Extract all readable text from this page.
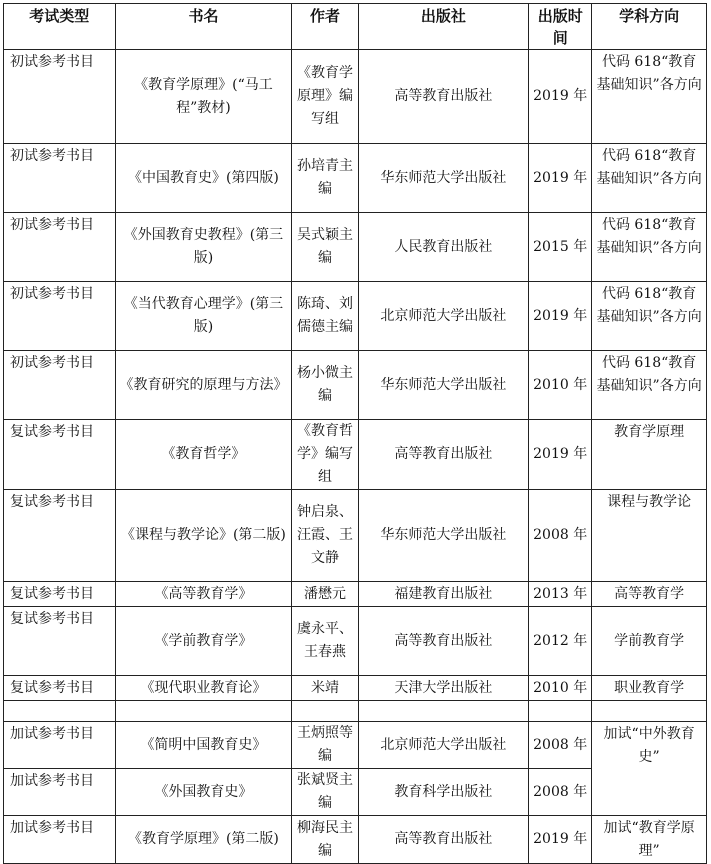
考试类型	书名	作者	出版社	出版时间	学科方向
初试参考书目	《教育学原理》(“马工程”教材)	《教育学原理》编写组	高等教育出版社	2019 年	代码 618“教育基础知识”各方向
初试参考书目	《中国教育史》(第四版)	孙培青主编	华东师范大学出版社	2019 年	代码 618“教育基础知识”各方向
初试参考书目	《外国教育史教程》(第三版)	吴式颖主编	人民教育出版社	2015 年	代码 618“教育基础知识”各方向
初试参考书目	《当代教育心理学》(第三版)	陈琦、刘儒德主编	北京师范大学出版社	2019 年	代码 618“教育基础知识”各方向
初试参考书目	《教育研究的原理与方法》	杨小微主编	华东师范大学出版社	2010 年	代码 618“教育基础知识”各方向
复试参考书目	《教育哲学》	《教育哲学》编写组	高等教育出版社	2019 年	教育学原理
复试参考书目	《课程与教学论》(第二版)	钟启泉、汪霞、王文静	华东师范大学出版社	2008 年	课程与教学论
复试参考书目	《高等教育学》	潘懋元	福建教育出版社	2013 年	高等教育学
复试参考书目	《学前教育学》	虞永平、王春燕	高等教育出版社	2012 年	学前教育学
复试参考书目	《现代职业教育论》	米靖	天津大学出版社	2010 年	职业教育学

加试参考书目	《简明中国教育史》	王炳照等编	北京师范大学出版社	2008 年	加试“中外教育史”
加试参考书目	《外国教育史》	张斌贤主编	教育科学出版社	2008 年	
加试参考书目	《教育学原理》(第二版)	柳海民主编	高等教育出版社	2019 年	加试“教育学原理”
